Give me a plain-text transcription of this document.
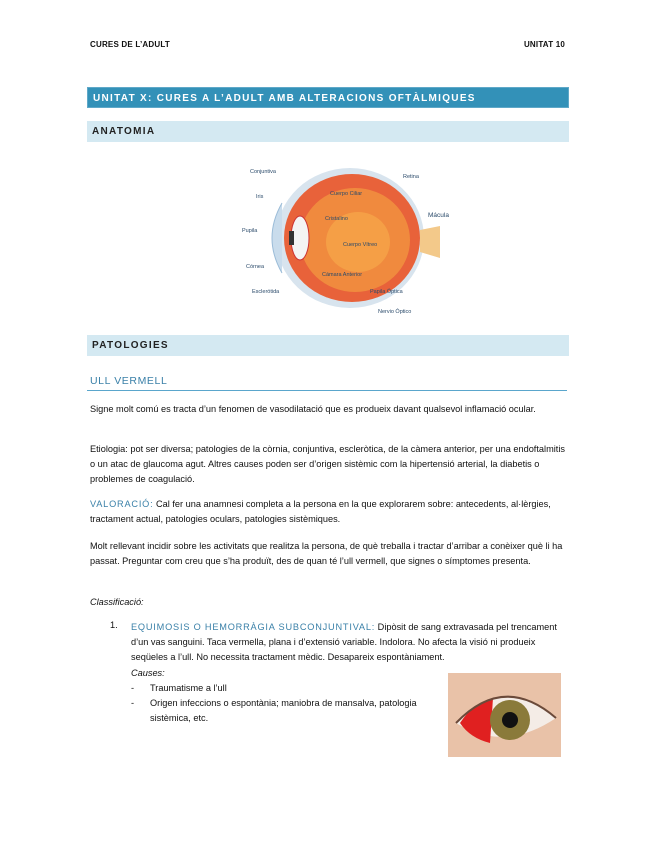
CURES DE L’ADULT	UNITAT 10
UNITAT X: CURES A L’ADULT AMB ALTERACIONS OFTÀLMIQUES
ANATOMIA
Conjuntiva
Iris
Pupila
Córnea
Esclerótida
Cuerpo Ciliar
Cristalino
Cuerpo Vítreo
Cámara Anterior
Papila Óptica
Nervio Óptico
Retina
Mácula
PATOLOGIES
ULL VERMELL
Signe molt comú es tracta d’un fenomen de vasodilatació que es produeix davant qualsevol inflamació ocular.
Etiologia: pot ser diversa; patologies de la còrnia, conjuntiva, escleròtica, de la càmera anterior, per una endoftalmitis o un atac de glaucoma agut. Altres causes poden ser d’origen sistèmic com la hipertensió arterial, la diabetis o problemes de coagulació.
VALORACIÓ: Cal fer una anamnesi completa a la persona en la que explorarem sobre: antecedents, al·lèrgies, tractament actual, patologies oculars, patologies sistèmiques.
Molt rellevant incidir sobre les activitats que realitza la persona, de què treballa i tractar d’arribar a conèixer què li ha passat. Preguntar com creu que s’ha produït, des de quan té l’ull vermell, que signes o símptomes presenta.
Classificació:
1. EQUIMOSIS O HEMORRÀGIA SUBCONJUNTIVAL: Dipòsit de sang extravasada pel trencament d’un vas sanguini. Taca vermella, plana i d’extensió variable. Indolora. No afecta la visió ni produeix seqüeles a l’ull. No necessita tractament mèdic. Desapareix espontàniament.
Causes:
-	Traumatisme a l’ull
-	Origen infeccions o espontània; maniobra de mansalva, patologia sistèmica, etc.
